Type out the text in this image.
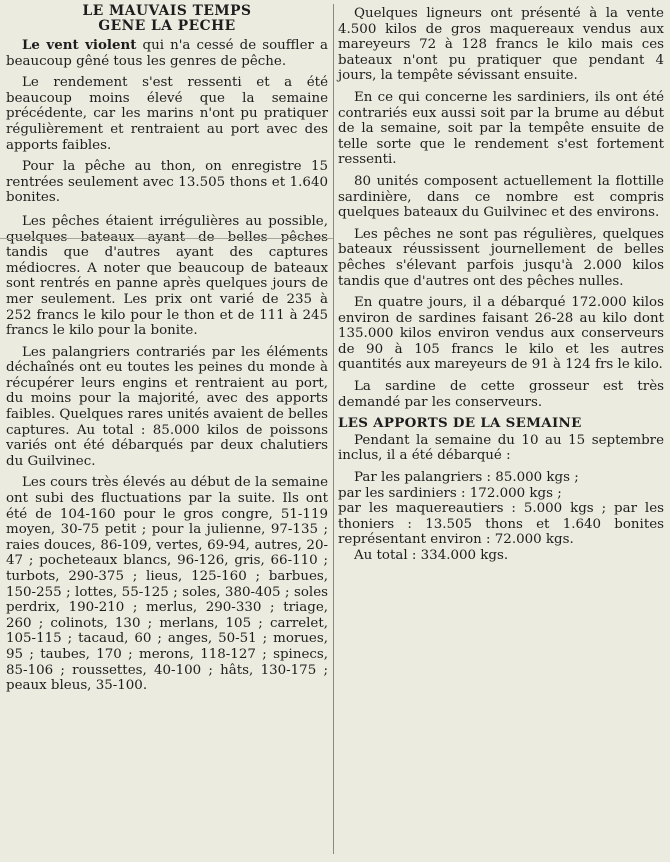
LE MAUVAIS TEMPS
GENE LA PECHE

Le vent violent qui n'a cessé de souffler a beaucoup gêné tous les genres de pêche.

Le rendement s'est ressenti et a été beaucoup moins élevé que la semaine précédente, car les marins n'ont pu pratiquer régulièrement et rentraient au port avec des apports faibles.

Pour la pêche au thon, on enregistre 15 rentrées seulement avec 13.505 thons et 1.640 bonites.

Les pêches étaient irrégulières au possible, tandis que d'autres ayant des captures médiocres. A noter que beaucoup de bateaux sont rentrés en panne après quelques jours de mer seulement. Les prix ont varié de 235 à 252 francs le kilo pour le thon et de 111 à 245 francs le kilo pour la bonite.

Les palangriers contrariés par les éléments déchaînés ont eu toutes les peines du monde à récupérer leurs engins et rentraient au port, du moins pour la majorité, avec des apports faibles. Quelques rares unités avaient de belles captures. Au total : 85.000 kilos de poissons variés ont été débarqués par deux chalutiers du Guilvinec.

Les cours très élevés au début de la semaine ont subi des fluctuations par la suite. Ils ont été de 104-160 pour le gros congre, 51-119 moyen, 30-75 petit ; pour la julienne, 97-135 ; raies douces, 86-109, vertes, 69-94, autres, 20-47 ; pocheteaux blancs, 96-126, gris, 66-110 ; turbots, 290-375 ; lieus, 125-160 ; barbues, 150-255 ; lottes, 55-125 ; soles, 380-405 ; soles perdrix, 190-210 ; merlus, 290-330 ; triage, 260 ; colinots, 130 ; merlans, 105 ; carrelet, 105-115 ; tacaud, 60 ; anges, 50-51 ; morues, 95 ; taubes, 170 ; merons, 118-127 ; spinecs, 85-106 ; roussettes, 40-100 ; hâts, 130-175 ; peaux bleus, 35-100.

Quelques ligneurs ont présenté à la vente 4.500 kilos de gros maquereaux vendus aux mareyeurs 72 à 128 francs le kilo mais ces bateaux n'ont pu pratiquer que pendant 4 jours, la tempête sévissant ensuite.

En ce qui concerne les sardiniers, ils ont été contrariés eux aussi soit par la brume au début de la semaine, soit par la tempête ensuite de telle sorte que le rendement s'est fortement ressenti.

80 unités composent actuellement la flottille sardinière, dans ce nombre est compris quelques bateaux du Guilvinec et des environs.

Les pêches ne sont pas régulières, quelques bateaux réussissent journellement de belles pêches s'élevant parfois jusqu'à 2.000 kilos tandis que d'autres ont des pêches nulles.

En quatre jours, il a débarqué 172.000 kilos environ de sardines faisant 26-28 au kilo dont 135.000 kilos environ vendus aux conserveurs de 90 à 105 francs le kilo et les autres quantités aux mareyeurs de 91 à 124 frs le kilo.

La sardine de cette grosseur est très demandé par les conserveurs.

LES APPORTS DE LA SEMAINE

Pendant la semaine du 10 au 15 septembre inclus, il a été débarqué :

Par les palangriers : 85.000 kgs ;

par les sardiniers : 172.000 kgs ;

par les maquereautiers : 5.000 kgs ; par les thoniers : 13.505 thons et 1.640 bonites représentant environ : 72.000 kgs.

Au total : 334.000 kgs.
